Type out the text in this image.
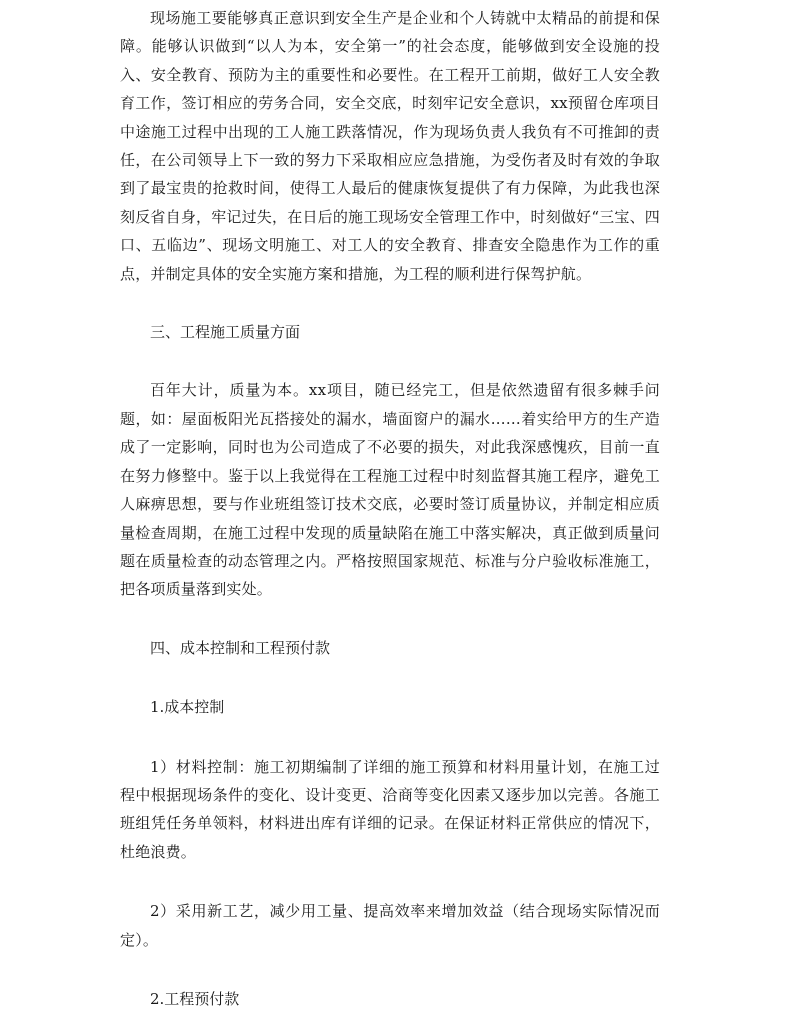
现场施工要能够真正意识到安全生产是企业和个人铸就中太精品的前提和保障。能够认识做到“以人为本，安全第一”的社会态度，能够做到安全设施的投入、安全教育、预防为主的重要性和必要性。在工程开工前期，做好工人安全教育工作，签订相应的劳务合同，安全交底，时刻牢记安全意识，xx预留仓库项目中途施工过程中出现的工人施工跌落情况，作为现场负责人我负有不可推卸的责任，在公司领导上下一致的努力下采取相应应急措施，为受伤者及时有效的争取到了最宝贵的抢救时间，使得工人最后的健康恢复提供了有力保障，为此我也深刻反省自身，牢记过失，在日后的施工现场安全管理工作中，时刻做好“三宝、四口、五临边”、现场文明施工、对工人的安全教育、排查安全隐患作为工作的重点，并制定具体的安全实施方案和措施，为工程的顺利进行保驾护航。

三、工程施工质量方面

百年大计，质量为本。xx项目，随已经完工，但是依然遗留有很多棘手问题，如：屋面板阳光瓦搭接处的漏水，墙面窗户的漏水……着实给甲方的生产造成了一定影响，同时也为公司造成了不必要的损失，对此我深感愧疚，目前一直在努力修整中。鉴于以上我觉得在工程施工过程中时刻监督其施工程序，避免工人麻痹思想，要与作业班组签订技术交底，必要时签订质量协议，并制定相应质量检查周期，在施工过程中发现的质量缺陷在施工中落实解决，真正做到质量问题在质量检查的动态管理之内。严格按照国家规范、标准与分户验收标准施工，把各项质量落到实处。

四、成本控制和工程预付款

1.成本控制

1）材料控制：施工初期编制了详细的施工预算和材料用量计划，在施工过程中根据现场条件的变化、设计变更、洽商等变化因素又逐步加以完善。各施工班组凭任务单领料，材料进出库有详细的记录。在保证材料正常供应的情况下，杜绝浪费。

2）采用新工艺，减少用工量、提高效率来增加效益（结合现场实际情况而定）。

2.工程预付款
